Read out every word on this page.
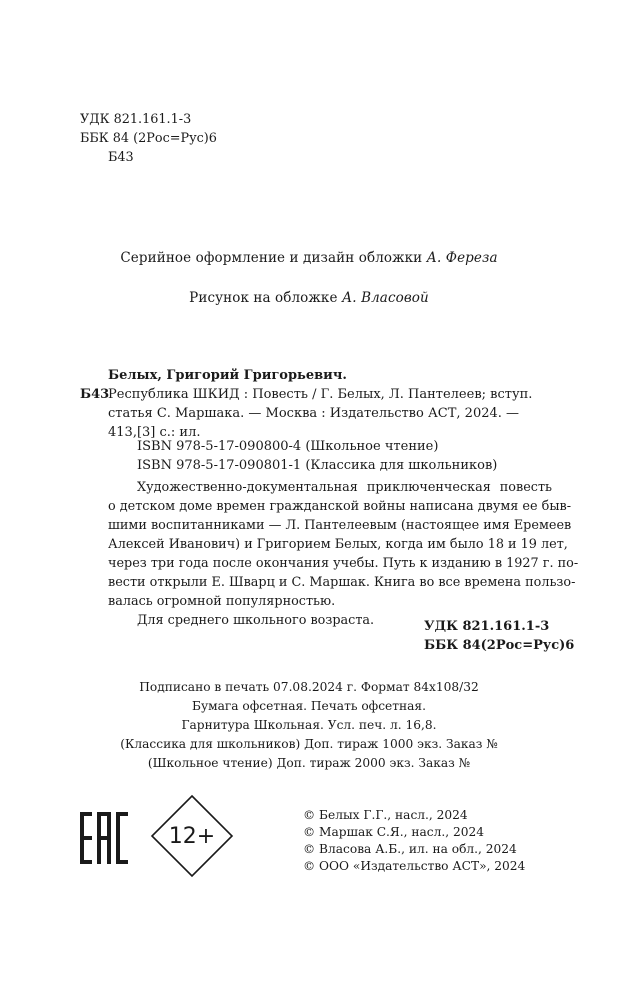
УДК 821.161.1-3
ББК 84 (2Рос=Рус)6
Б43
Серийное оформление и дизайн обложки А. Фереза
Рисунок на обложке А. Власовой
Белых, Григорий Григорьевич.
Б43
Республика ШКИД : Повесть / Г. Белых, Л. Пантелеев; вступ.
статья С. Маршака. — Москва : Издательство АСТ, 2024. —
413,[3] с.: ил.
ISBN 978-5-17-090800-4 (Школьное чтение)
ISBN 978-5-17-090801-1 (Классика для школьников)
Художественно-документальная приключенческая повесть
о детском доме времен гражданской войны написана двумя ее быв-
шими воспитанниками — Л. Пантелеевым (настоящее имя Еремеев
Алексей Иванович) и Григорием Белых, когда им было 18 и 19 лет,
через три года после окончания учебы. Путь к изданию в 1927 г. по-
вести открыли Е. Шварц и С. Маршак. Книга во все времена пользо-
валась огромной популярностью.
Для среднего школьного возраста.	УДК 821.161.1-3
ББК 84(2Рос=Рус)6
Подписано в печать 07.08.2024 г. Формат 84х108/32
Бумага офсетная. Печать офсетная.
Гарнитура Школьная. Усл. печ. л. 16,8.
(Классика для школьников) Доп. тираж 1000 экз. Заказ №
(Школьное чтение) Доп. тираж 2000 экз. Заказ №
12+
© Белых Г.Г., насл., 2024
© Маршак С.Я., насл., 2024
© Власова А.Б., ил. на обл., 2024
© ООО «Издательство АСТ», 2024
